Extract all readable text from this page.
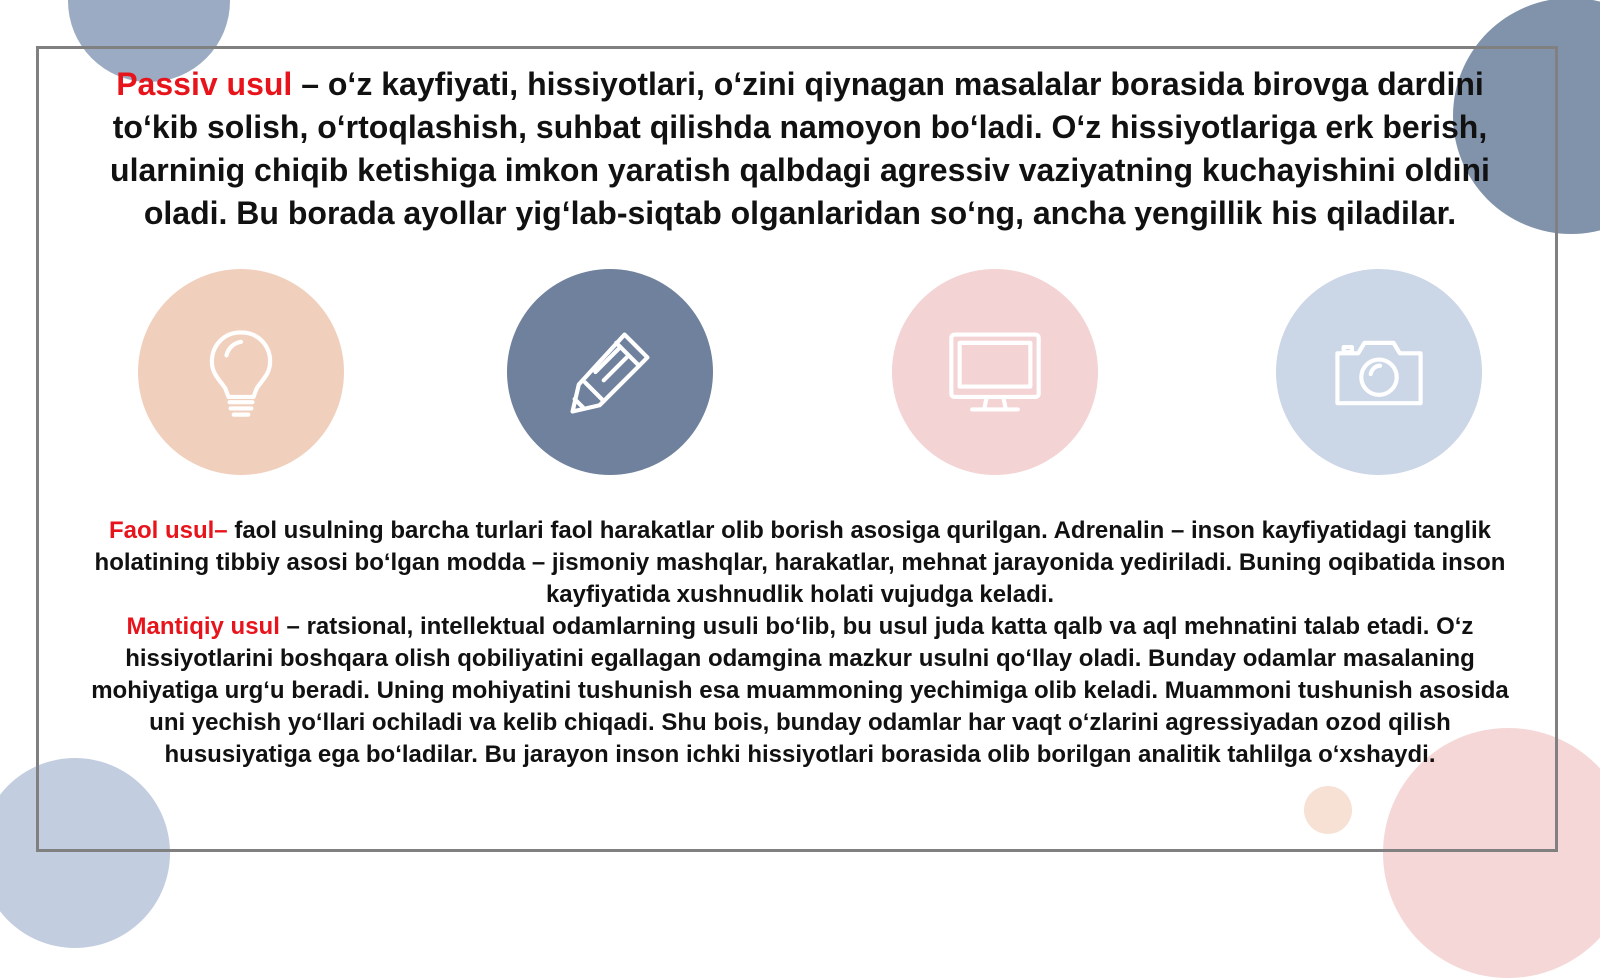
Passiv usul – o‘z kayfiyati, hissiyotlari, o‘zini qiynagan masalalar borasida birovga dardini to‘kib solish, o‘rtoqlashish, suhbat qilishda namoyon bo‘ladi. O‘z hissiyotlariga erk berish, ularninig chiqib ketishiga imkon yaratish qalbdagi agressiv vaziyatning kuchayishini oldini oladi. Bu borada ayollar yig‘lab-siqtab olganlaridan so‘ng, ancha yengillik his qiladilar.

Faol usul– faol usulning barcha turlari faol harakatlar olib borish asosiga qurilgan. Adrenalin – inson kayfiyatidagi tanglik holatining tibbiy asosi bo‘lgan modda – jismoniy mashqlar, harakatlar, mehnat jarayonida yediriladi. Buning oqibatida inson kayfiyatida xushnudlik holati vujudga keladi.
Mantiqiy usul – ratsional, intellektual odamlarning usuli bo‘lib, bu usul juda katta qalb va aql mehnatini talab etadi. O‘z hissiyotlarini boshqara olish qobiliyatini egallagan odamgina mazkur usulni qo‘llay oladi. Bunday odamlar masalaning mohiyatiga urg‘u beradi. Uning mohiyatini tushunish esa muammoning yechimiga olib keladi. Muammoni tushunish asosida uni yechish yo‘llari ochiladi va kelib chiqadi. Shu bois, bunday odamlar har vaqt o‘zlarini agressiyadan ozod qilish hususiyatiga ega bo‘ladilar. Bu jarayon inson ichki hissiyotlari borasida olib borilgan analitik tahlilga o‘xshaydi.
